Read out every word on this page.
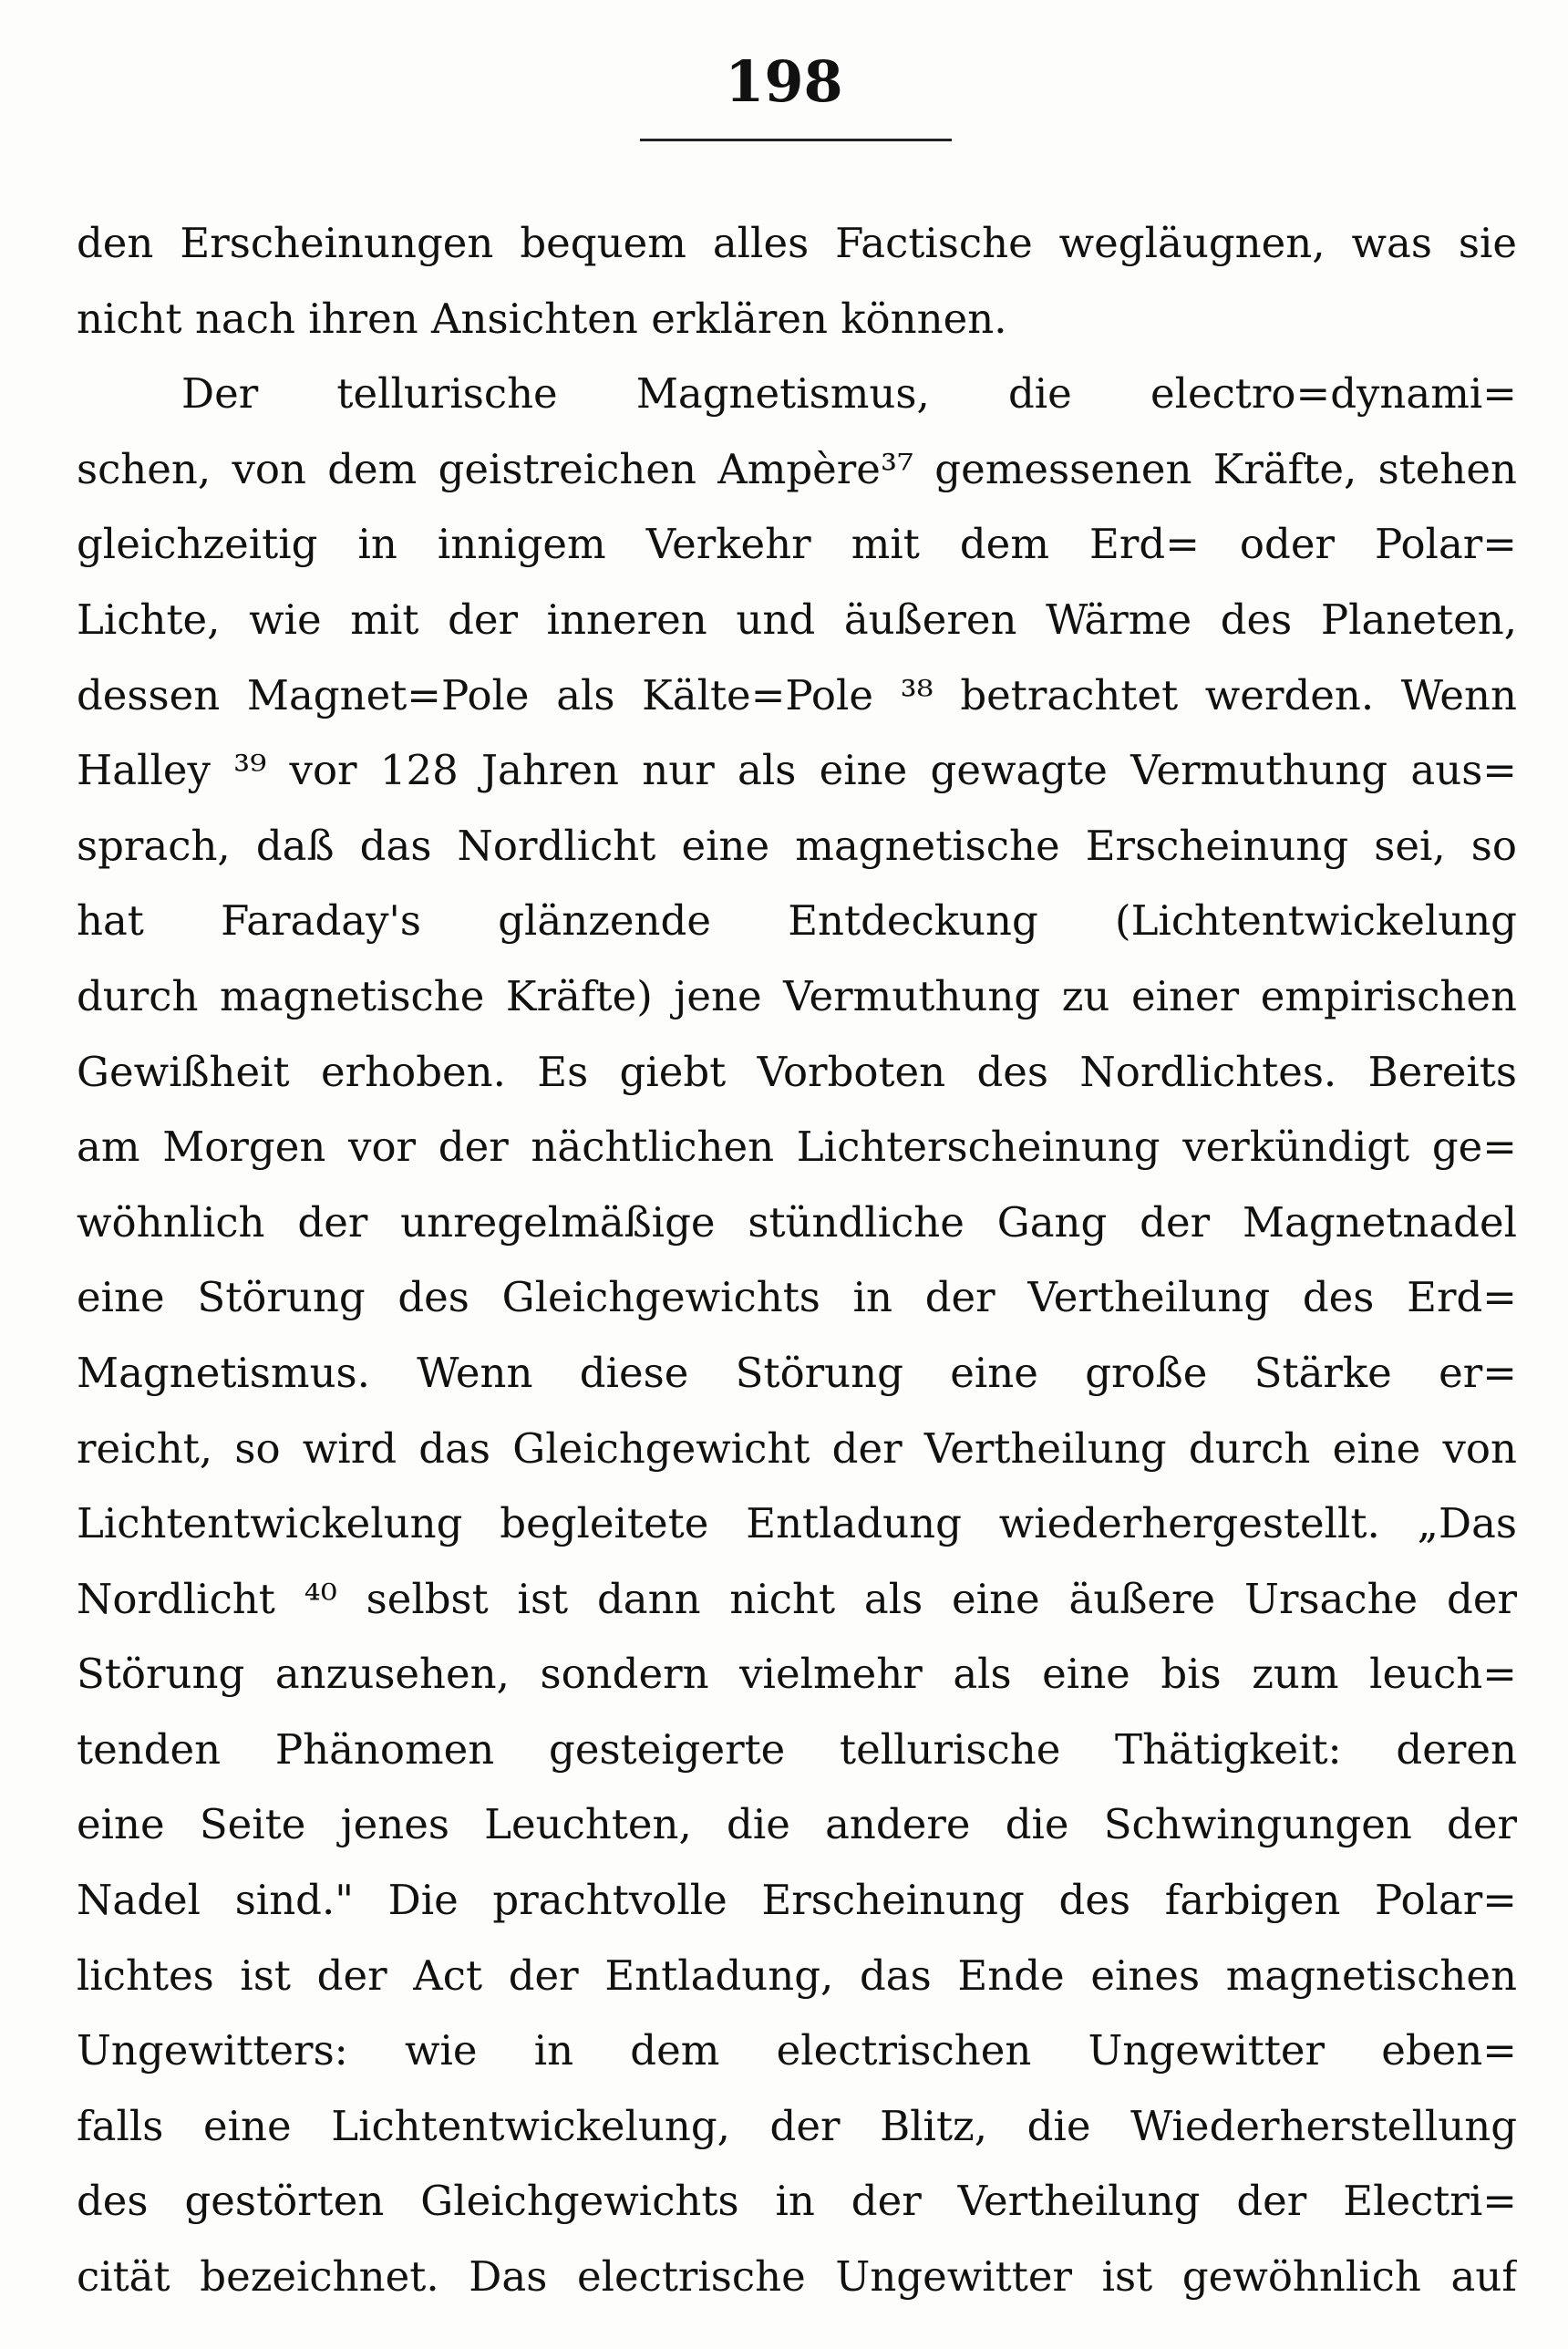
198
den Erscheinungen bequem alles Factische wegläugnen, was sie
nicht nach ihren Ansichten erklären können.
Der tellurische Magnetismus, die electro=dynami=
schen, von dem geistreichen Ampère³⁷ gemessenen Kräfte, stehen
gleichzeitig in innigem Verkehr mit dem Erd= oder Polar=
Lichte, wie mit der inneren und äußeren Wärme des Planeten,
dessen Magnet=Pole als Kälte=Pole ³⁸ betrachtet werden. Wenn
Halley ³⁹ vor 128 Jahren nur als eine gewagte Vermuthung aus=
sprach, daß das Nordlicht eine magnetische Erscheinung sei, so
hat Faraday's glänzende Entdeckung (Lichtentwickelung
durch magnetische Kräfte) jene Vermuthung zu einer empirischen
Gewißheit erhoben. Es giebt Vorboten des Nordlichtes. Bereits
am Morgen vor der nächtlichen Lichterscheinung verkündigt ge=
wöhnlich der unregelmäßige stündliche Gang der Magnetnadel
eine Störung des Gleichgewichts in der Vertheilung des Erd=
Magnetismus. Wenn diese Störung eine große Stärke er=
reicht, so wird das Gleichgewicht der Vertheilung durch eine von
Lichtentwickelung begleitete Entladung wiederhergestellt. „Das
Nordlicht ⁴⁰ selbst ist dann nicht als eine äußere Ursache der
Störung anzusehen, sondern vielmehr als eine bis zum leuch=
tenden Phänomen gesteigerte tellurische Thätigkeit: deren
eine Seite jenes Leuchten, die andere die Schwingungen der
Nadel sind." Die prachtvolle Erscheinung des farbigen Polar=
lichtes ist der Act der Entladung, das Ende eines magnetischen
Ungewitters: wie in dem electrischen Ungewitter eben=
falls eine Lichtentwickelung, der Blitz, die Wiederherstellung
des gestörten Gleichgewichts in der Vertheilung der Electri=
cität bezeichnet. Das electrische Ungewitter ist gewöhnlich auf
